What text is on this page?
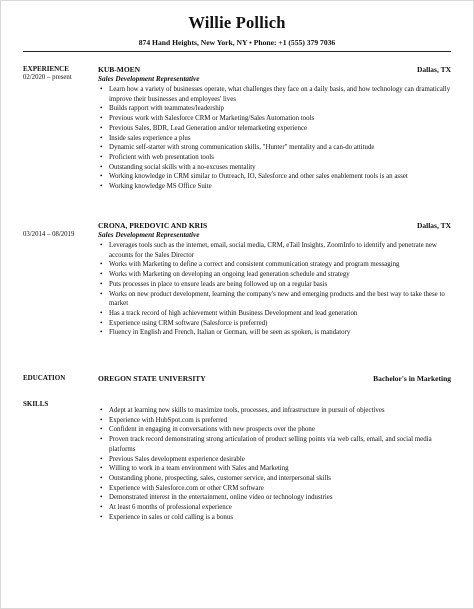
Willie Pollich
874 Hand Heights, New York, NY • Phone: +1 (555) 379 7036
EXPERIENCE
02/2020 – present
KUB-MOEN	Dallas, TX
Sales Development Representative
• Learn how a variety of businesses operate, what challenges they face on a daily basis, and how technology can dramatically improve their businesses and employees' lives
• Builds rapport with teammates/leadership
• Previous work with Salesforce CRM or Marketing/Sales Automation tools
• Previous Sales, BDR, Lead Generation and/or telemarketing experience
• Inside sales experience a plus
• Dynamic self-starter with strong communication skills, "Hunter" mentality and a can-do attitude
• Proficient with web presentation tools
• Outstanding social skills with a no-excuses mentality
• Working knowledge in CRM similar to Outreach, IO, Salesforce and other sales enablement tools is an asset
• Working knowledge MS Office Suite
03/2014 – 08/2019
CRONA, PREDOVIC AND KRIS	Dallas, TX
Sales Development Representative
• Leverages tools such as the internet, email, social media, CRM, eTail Insights, ZoomInfo to identify and penetrate new accounts for the Sales Director
• Works with Marketing to define a correct and consistent communication strategy and program messaging
• Works with Marketing on developing an ongoing lead generation schedule and strategy
• Puts processes in place to ensure leads are being followed up on a regular basis
• Works on new product development, learning the company's new and emerging products and the best way to take these to market
• Has a track record of high achievement within Business Development and lead generation
• Experience using CRM software (Salesforce is preferred)
• Fluency in English and French, Italian or German, will be seen as spoken, is mandatory
EDUCATION	OREGON STATE UNIVERSITY	Bachelor's in Marketing
SKILLS
• Adept at learning new skills to maximize tools, processes, and infrastructure in pursuit of objectives
• Experience with HubSpot.com is preferred
• Confident in engaging in conversations with new prospects over the phone
• Proven track record demonstrating strong articulation of product selling points via web calls, email, and social media platforms
• Previous Sales development experience desirable
• Willing to work in a team environment with Sales and Marketing
• Outstanding phone, prospecting, sales, customer service, and interpersonal skills
• Experience with Salesforce.com or other CRM software
• Demonstrated interest in the entertainment, online video or technology industries
• At least 6 months of professional experience
• Experience in sales or cold calling is a bonus
